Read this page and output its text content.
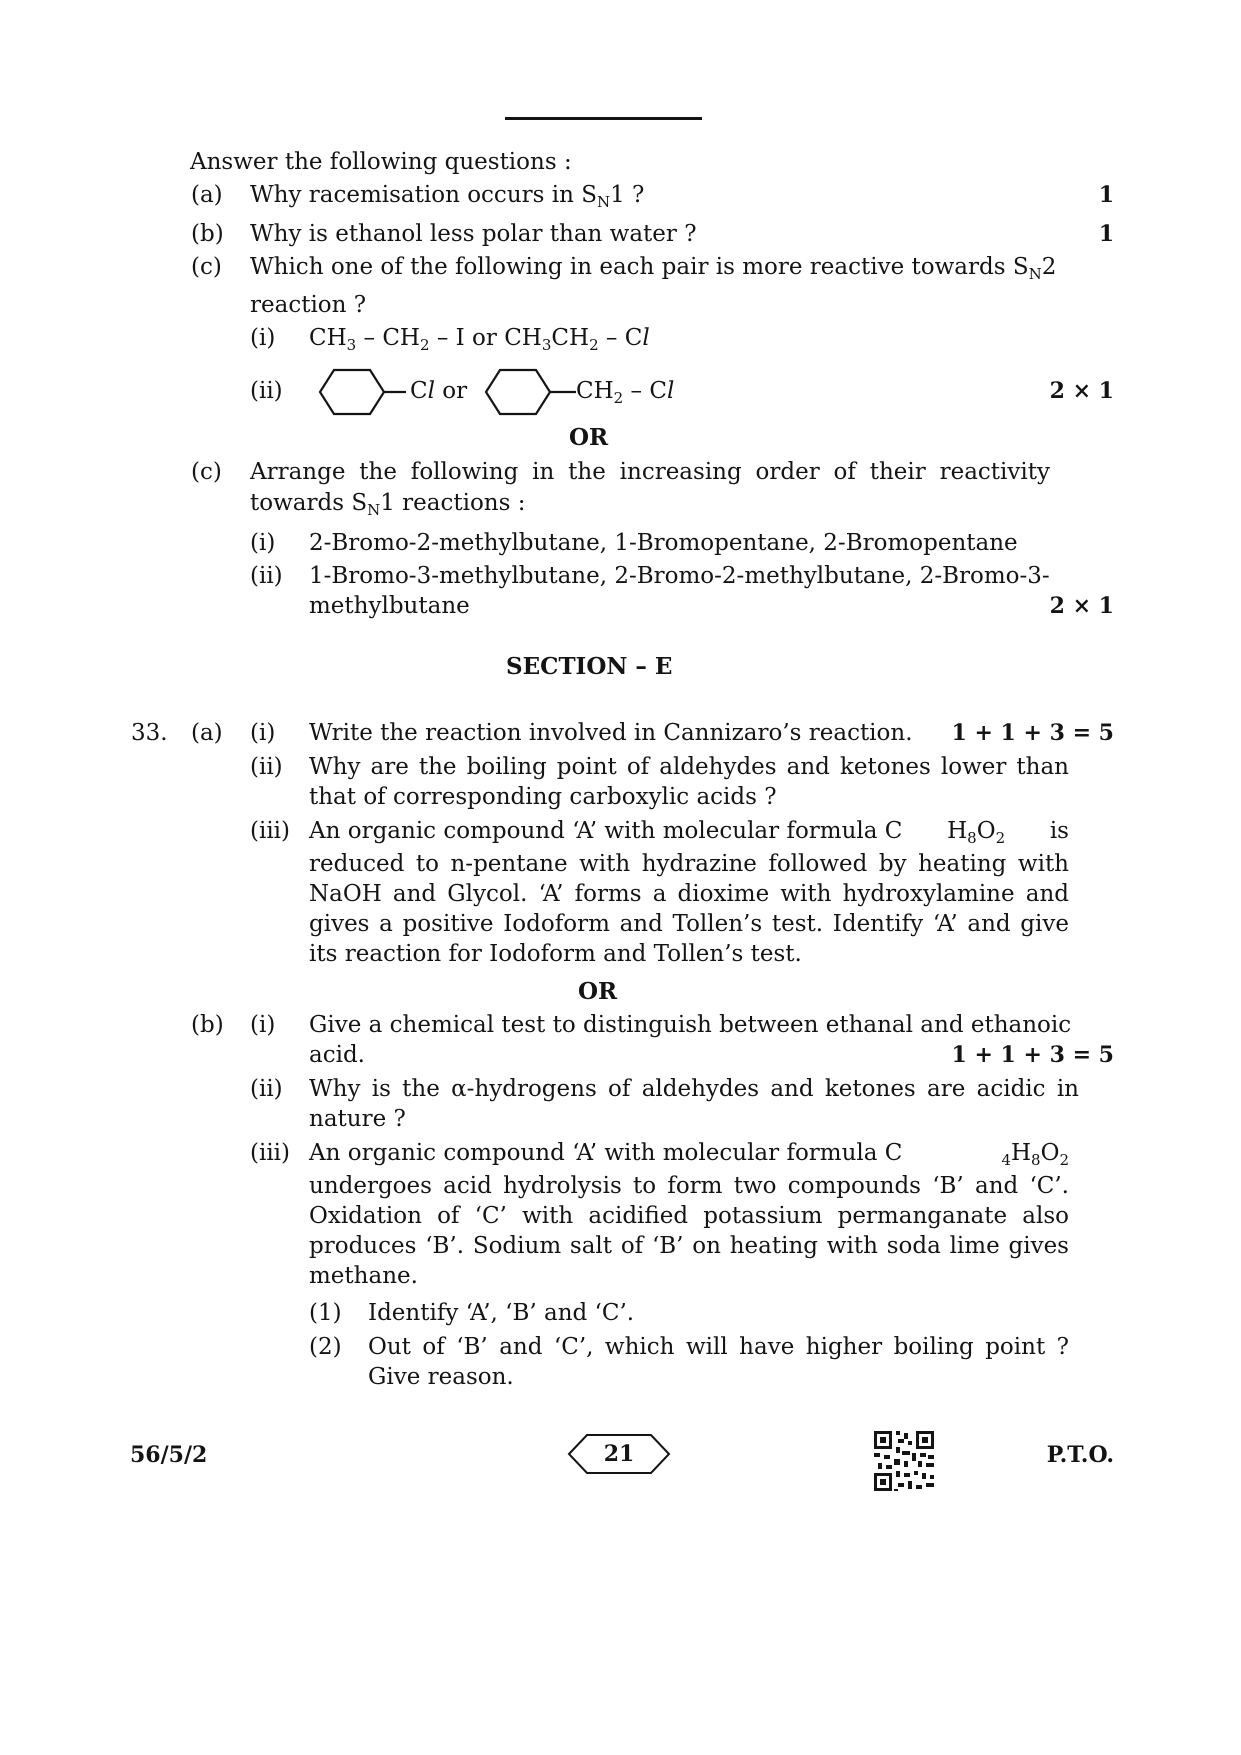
Answer the following questions :
(a) Why racemisation occurs in $S_N1$ ?	1
(b) Why is ethanol less polar than water ?	1
(c) Which one of the following in each pair is more reactive towards $S_N2$
reaction ?
(i) $CH_3 - CH_2$ – I or $CH_3CH_2$ – Cl
(ii)	Cl or	$CH_2$ – Cl	2 × 1
OR
(c) Arrange the following in the increasing order of their reactivity
towards $S_N1$ reactions :
(i) 2-Bromo-2-methylbutane, 1-Bromopentane, 2-Bromopentane
(ii) 1-Bromo-3-methylbutane, 2-Bromo-2-methylbutane, 2-Bromo-3-
methylbutane	2 × 1
SECTION – E
33. (a) (i) Write the reaction involved in Cannizaro’s reaction. 1 + 1 + 3 = 5
(ii) Why are the boiling point of aldehydes and ketones lower than
that of corresponding carboxylic acids ?
(iii) An organic compound ‘A’ with molecular formula C $H_8O_2$ is
reduced to n-pentane with hydrazine followed by heating with NaOH and Glycol. ‘A’ forms a dioxime with hydroxylamine and gives a positive Iodoform and Tollen’s test. Identify ‘A’ and give its reaction for Iodoform and Tollen’s test.
OR
(b) (i) Give a chemical test to distinguish between ethanal and ethanoic
acid.	1 + 1 + 3 = 5
(ii) Why is the α-hydrogens of aldehydes and ketones are acidic in
nature ?
(iii) An organic compound ‘A’ with molecular formula C	$_4H_8O_2$
undergoes acid hydrolysis to form two compounds ‘B’ and ‘C’. Oxidation of ‘C’ with acidified potassium permanganate also produces ‘B’. Sodium salt of ‘B’ on heating with soda lime gives methane.
(1) Identify ‘A’, ‘B’ and ‘C’.
(2) Out of ‘B’ and ‘C’, which will have higher boiling point ? Give reason.
56/5/2	21	P.T.O.
